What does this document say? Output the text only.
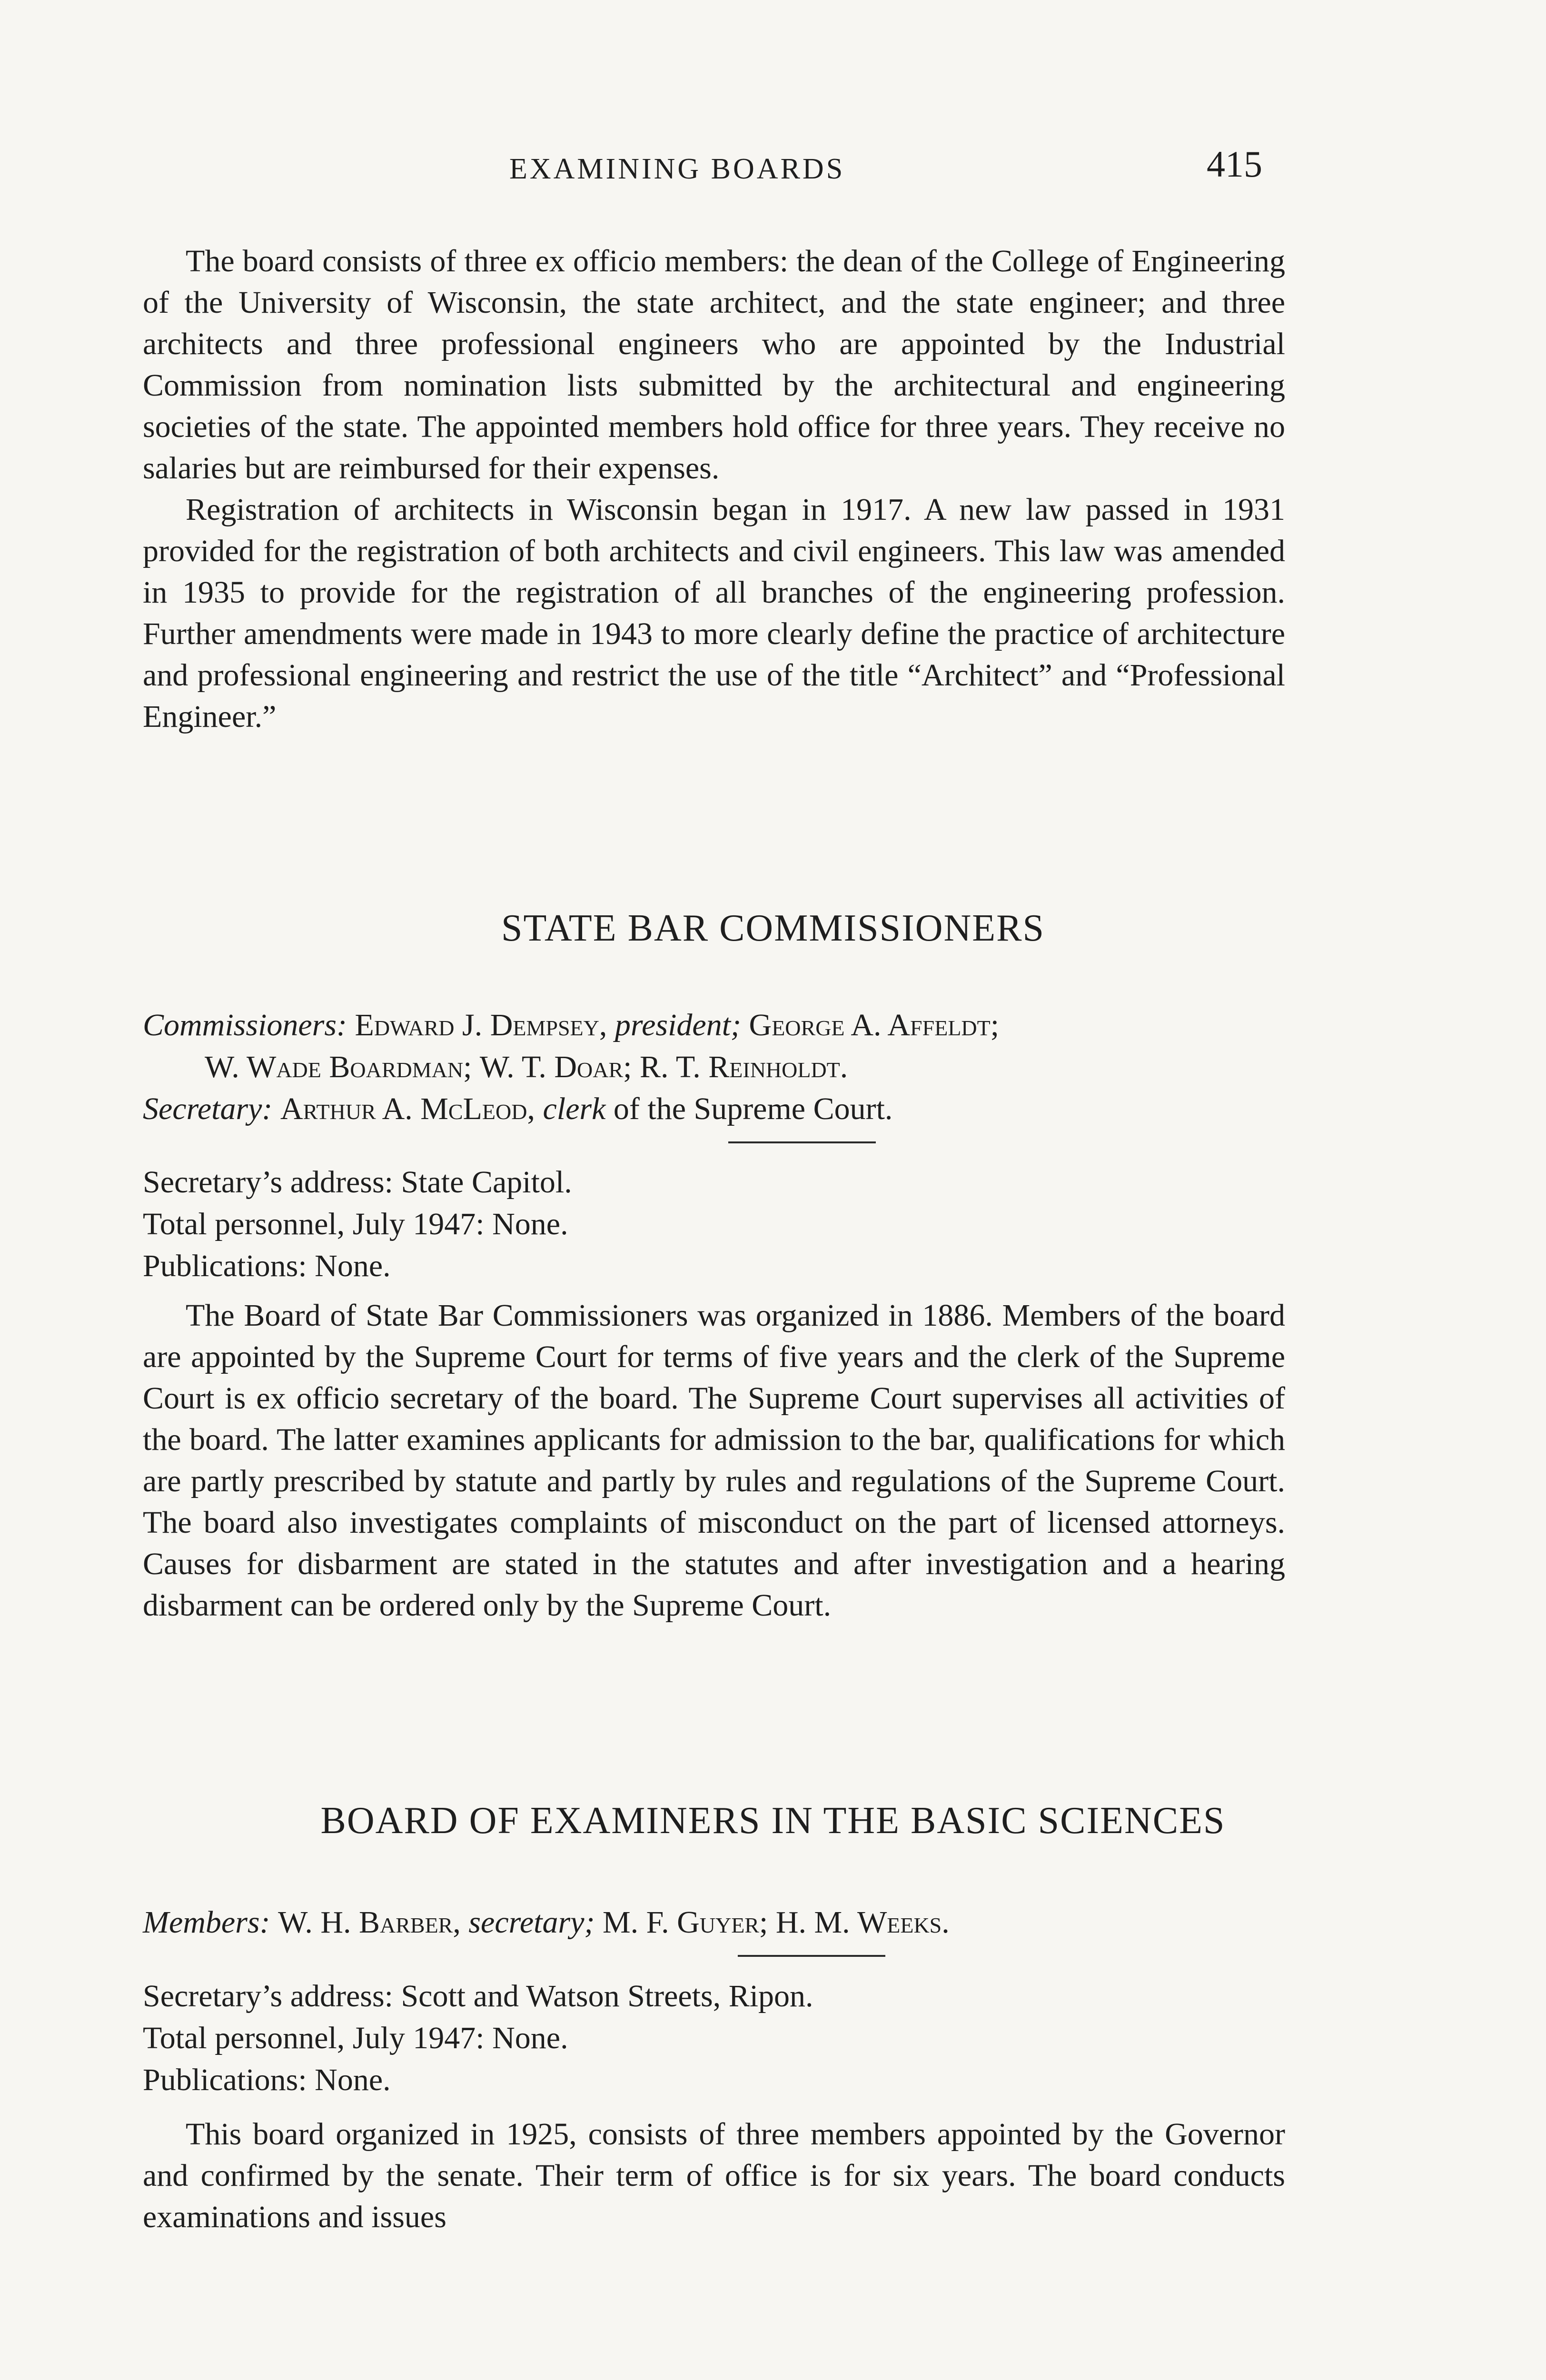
EXAMINING BOARDS	415

The board consists of three ex officio members: the dean of the College of Engineering of the University of Wisconsin, the state architect, and the state engineer; and three architects and three professional engineers who are appointed by the Industrial Commission from nomination lists submitted by the architectural and engineering societies of the state. The appointed members hold office for three years. They receive no salaries but are reimbursed for their expenses.

Registration of architects in Wisconsin began in 1917. A new law passed in 1931 provided for the registration of both architects and civil engineers. This law was amended in 1935 to provide for the registration of all branches of the engineering profession. Further amendments were made in 1943 to more clearly define the practice of architecture and professional engineering and restrict the use of the title “Architect” and “Professional Engineer.”

STATE BAR COMMISSIONERS
Commissioners: Edward J. Dempsey, president; George A. Affeldt;
W. Wade Boardman; W. T. Doar; R. T. Reinholdt.
Secretary: Arthur A. McLeod, clerk of the Supreme Court.
Secretary’s address: State Capitol.
Total personnel, July 1947: None.
Publications: None.

The Board of State Bar Commissioners was organized in 1886. Members of the board are appointed by the Supreme Court for terms of five years and the clerk of the Supreme Court is ex officio secretary of the board. The Supreme Court supervises all activities of the board. The latter examines applicants for admission to the bar, qualifications for which are partly prescribed by statute and partly by rules and regulations of the Supreme Court. The board also investigates complaints of misconduct on the part of licensed attorneys. Causes for disbarment are stated in the statutes and after investigation and a hearing disbarment can be ordered only by the Supreme Court.

BOARD OF EXAMINERS IN THE BASIC SCIENCES
Members: W. H. Barber, secretary; M. F. Guyer; H. M. Weeks.
Secretary’s address: Scott and Watson Streets, Ripon.
Total personnel, July 1947: None.
Publications: None.

This board organized in 1925, consists of three members appointed by the Governor and confirmed by the senate. Their term of office is for six years. The board conducts examinations and issues
